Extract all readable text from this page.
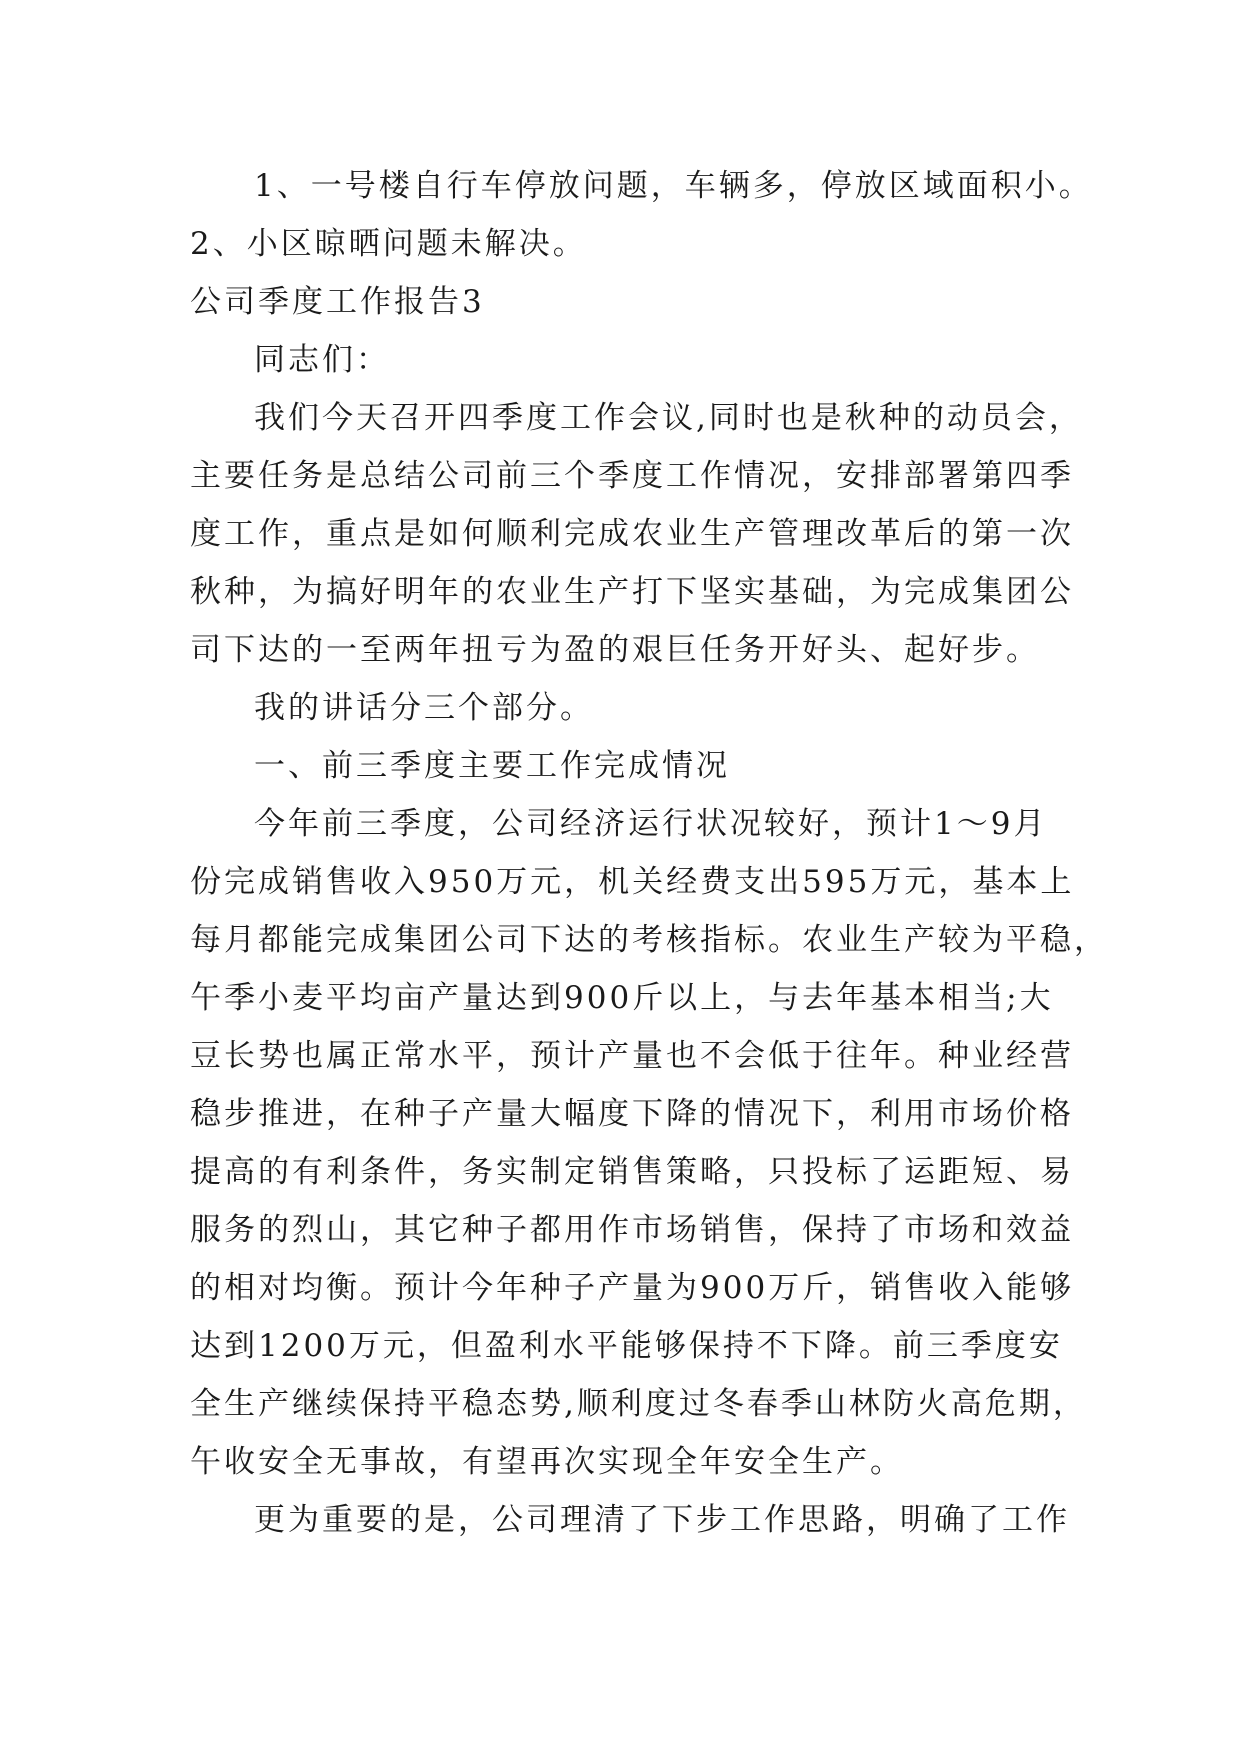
1、一号楼自行车停放问题，车辆多，停放区域面积小。
2、小区晾晒问题未解决。
公司季度工作报告3
同志们：
我们今天召开四季度工作会议,同时也是秋种的动员会，
主要任务是总结公司前三个季度工作情况，安排部署第四季
度工作，重点是如何顺利完成农业生产管理改革后的第一次
秋种，为搞好明年的农业生产打下坚实基础，为完成集团公
司下达的一至两年扭亏为盈的艰巨任务开好头、起好步。
我的讲话分三个部分。
一、前三季度主要工作完成情况
今年前三季度，公司经济运行状况较好，预计1～9月
份完成销售收入950万元，机关经费支出595万元，基本上
每月都能完成集团公司下达的考核指标。农业生产较为平稳，
午季小麦平均亩产量达到900斤以上，与去年基本相当;大
豆长势也属正常水平，预计产量也不会低于往年。种业经营
稳步推进，在种子产量大幅度下降的情况下，利用市场价格
提高的有利条件，务实制定销售策略，只投标了运距短、易
服务的烈山，其它种子都用作市场销售，保持了市场和效益
的相对均衡。预计今年种子产量为900万斤，销售收入能够
达到1200万元，但盈利水平能够保持不下降。前三季度安
全生产继续保持平稳态势,顺利度过冬春季山林防火高危期，
午收安全无事故，有望再次实现全年安全生产。
更为重要的是，公司理清了下步工作思路，明确了工作
